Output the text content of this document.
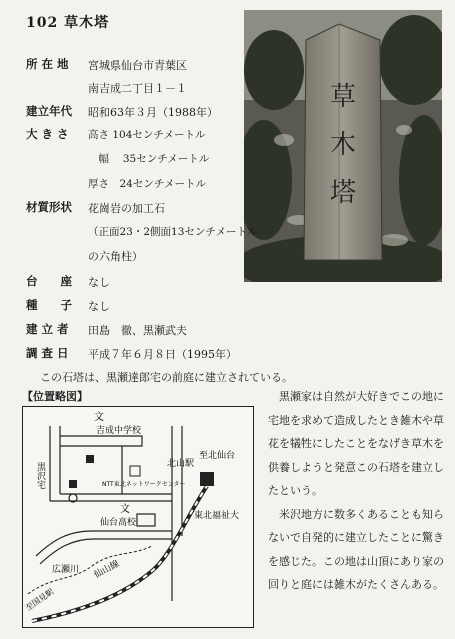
102 草木塔
草
木
塔
所 在 地 宮城県仙台市青葉区
南吉成二丁目１－１
建立年代 昭和63年３月（1988年）
大 き さ 高さ 104センチメートル
　幅　 35センチメートル
厚さ　24センチメートル
材質形状 花崗岩の加工石
（正面23・2側面13センチメートル
の六角柱）
台　　座 なし
種　　子 なし
建 立 者 田島　徹、黒瀬武夫
調 査 日 平成７年６月８日（1995年）
この石塔は、黒瀬達郎宅の前庭に建立されている。
【位置略図】
文
吉成中学校
黒沢宅	NTT東北ネットワークセンター
北山駅
至北仙台
文
仙台高校
東北福祉大
広瀬川 仙山線
至国見駅

黒瀬家は自然が大好きでこの地に宅地を求めて造成したとき雑木や草花を犠牲にしたことをなげき草木を供養しようと発意この石塔を建立したという。

米沢地方に数多くあることも知らないで自発的に建立したことに驚きを感じた。この地は山頂にあり家の回りと庭には雑木がたくさんある。
